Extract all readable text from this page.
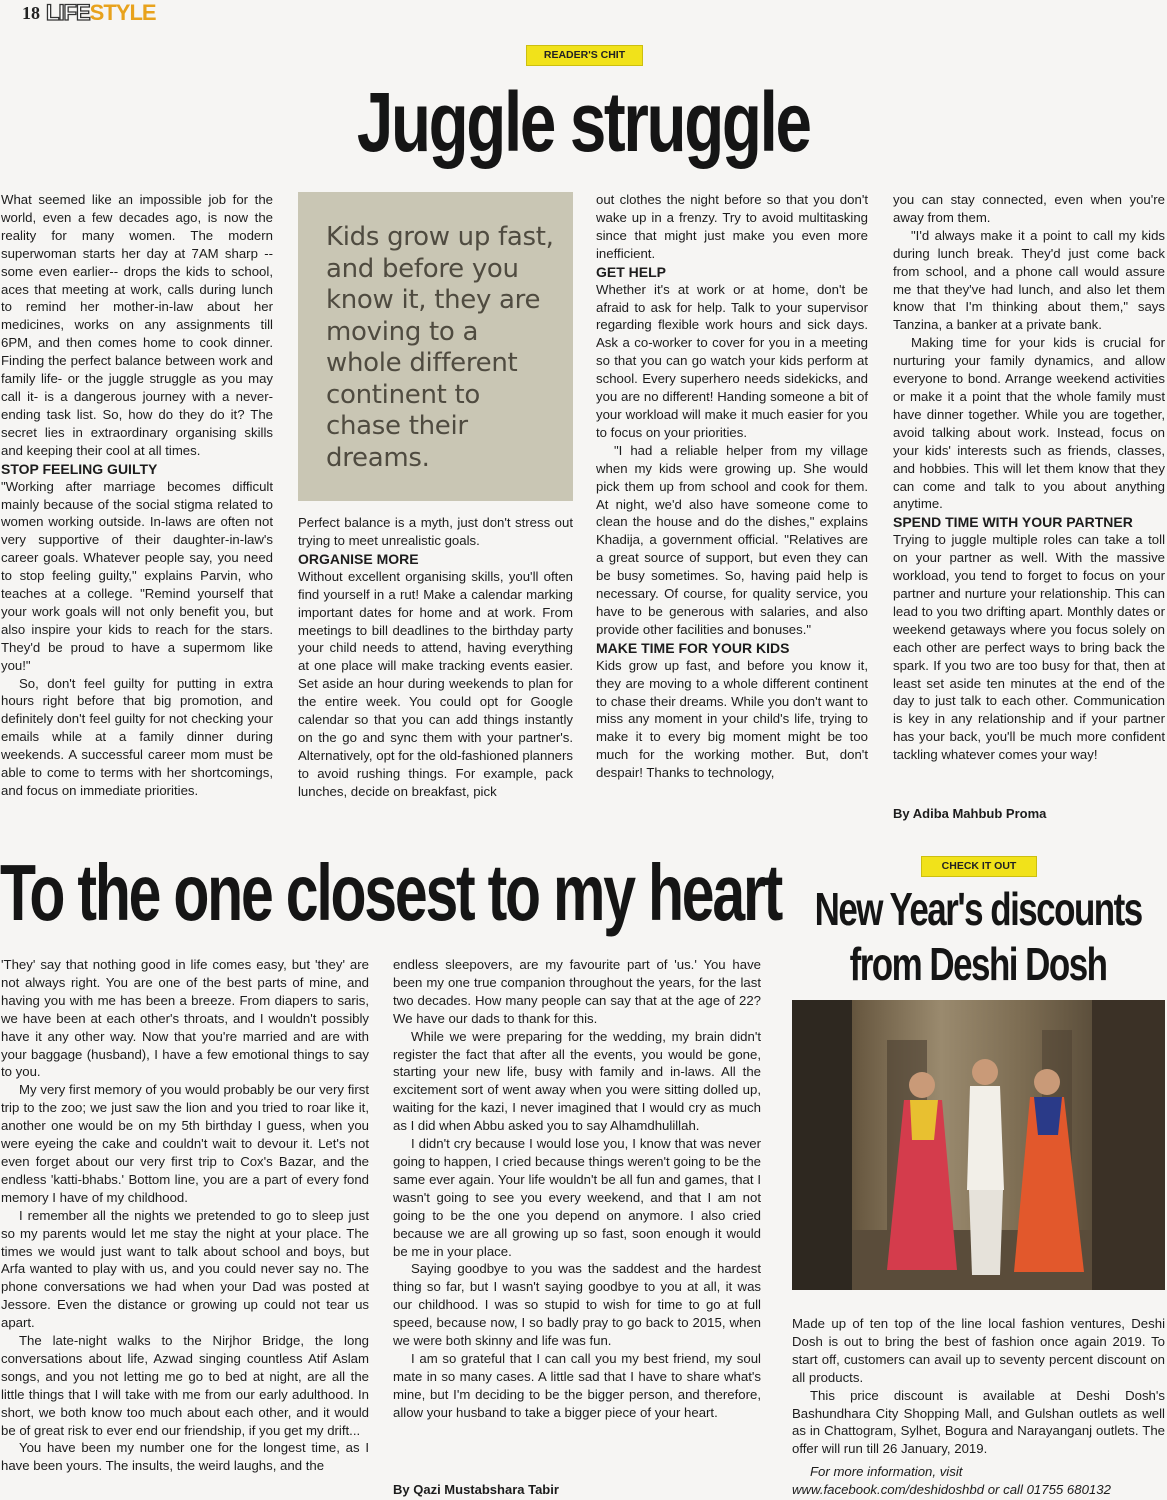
18 LIFESTYLE
READER'S CHIT
Juggle struggle

What seemed like an impossible job for the world, even a few decades ago, is now the reality for many women. The modern superwoman starts her day at 7AM sharp -- some even earlier-- drops the kids to school, aces that meeting at work, calls during lunch to remind her mother-in-law about her medicines, works on any assignments till 6PM, and then comes home to cook dinner. Finding the perfect balance between work and family life- or the juggle struggle as you may call it- is a dangerous journey with a never-ending task list. So, how do they do it? The secret lies in extraordinary organising skills and keeping their cool at all times.

STOP FEELING GUILTY

"Working after marriage becomes difficult mainly because of the social stigma related to women working outside. In-laws are often not very supportive of their daughter-in-law's career goals. Whatever people say, you need to stop feeling guilty," explains Parvin, who teaches at a college. "Remind yourself that your work goals will not only benefit you, but also inspire your kids to reach for the stars. They'd be proud to have a supermom like you!"

So, don't feel guilty for putting in extra hours right before that big promotion, and definitely don't feel guilty for not checking your emails while at a family dinner during weekends. A successful career mom must be able to come to terms with her shortcomings, and focus on immediate priorities.

Kids grow up fast, and before you know it, they are moving to a whole different continent to chase their dreams.

Perfect balance is a myth, just don't stress out trying to meet unrealistic goals.

ORGANISE MORE

Without excellent organising skills, you'll often find yourself in a rut! Make a calendar marking important dates for home and at work. From meetings to bill deadlines to the birthday party your child needs to attend, having everything at one place will make tracking events easier. Set aside an hour during weekends to plan for the entire week. You could opt for Google calendar so that you can add things instantly on the go and sync them with your partner's. Alternatively, opt for the old-fashioned planners to avoid rushing things. For example, pack lunches, decide on breakfast, pick

out clothes the night before so that you don't wake up in a frenzy. Try to avoid multitasking since that might just make you even more inefficient.

GET HELP

Whether it's at work or at home, don't be afraid to ask for help. Talk to your supervisor regarding flexible work hours and sick days. Ask a co-worker to cover for you in a meeting so that you can go watch your kids perform at school. Every superhero needs sidekicks, and you are no different! Handing someone a bit of your workload will make it much easier for you to focus on your priorities.

"I had a reliable helper from my village when my kids were growing up. She would pick them up from school and cook for them. At night, we'd also have someone come to clean the house and do the dishes," explains Khadija, a government official. "Relatives are a great source of support, but even they can be busy sometimes. So, having paid help is necessary. Of course, for quality service, you have to be generous with salaries, and also provide other facilities and bonuses."

MAKE TIME FOR YOUR KIDS

Kids grow up fast, and before you know it, they are moving to a whole different continent to chase their dreams. While you don't want to miss any moment in your child's life, trying to make it to every big moment might be too much for the working mother. But, don't despair! Thanks to technology,

you can stay connected, even when you're away from them.

"I'd always make it a point to call my kids during lunch break. They'd just come back from school, and a phone call would assure me that they've had lunch, and also let them know that I'm thinking about them," says Tanzina, a banker at a private bank.

Making time for your kids is crucial for nurturing your family dynamics, and allow everyone to bond. Arrange weekend activities or make it a point that the whole family must have dinner together. While you are together, avoid talking about work. Instead, focus on your kids' interests such as friends, classes, and hobbies. This will let them know that they can come and talk to you about anything anytime.

SPEND TIME WITH YOUR PARTNER

Trying to juggle multiple roles can take a toll on your partner as well. With the massive workload, you tend to forget to focus on your partner and nurture your relationship. This can lead to you two drifting apart. Monthly dates or weekend getaways where you focus solely on each other are perfect ways to bring back the spark. If you two are too busy for that, then at least set aside ten minutes at the end of the day to just talk to each other. Communication is key in any relationship and if your partner has your back, you'll be much more confident tackling whatever comes your way!

By Adiba Mahbub Proma
To the one closest to my heart

'They' say that nothing good in life comes easy, but 'they' are not always right. You are one of the best parts of mine, and having you with me has been a breeze. From diapers to saris, we have been at each other's throats, and I wouldn't possibly have it any other way. Now that you're married and are with your baggage (husband), I have a few emotional things to say to you.

My very first memory of you would probably be our very first trip to the zoo; we just saw the lion and you tried to roar like it, another one would be on my 5th birthday I guess, when you were eyeing the cake and couldn't wait to devour it. Let's not even forget about our very first trip to Cox's Bazar, and the endless 'katti-bhabs.' Bottom line, you are a part of every fond memory I have of my childhood.

I remember all the nights we pretended to go to sleep just so my parents would let me stay the night at your place. The times we would just want to talk about school and boys, but Arfa wanted to play with us, and you could never say no. The phone conversations we had when your Dad was posted at Jessore. Even the distance or growing up could not tear us apart.

The late-night walks to the Nirjhor Bridge, the long conversations about life, Azwad singing countless Atif Aslam songs, and you not letting me go to bed at night, are all the little things that I will take with me from our early adulthood. In short, we both know too much about each other, and it would be of great risk to ever end our friendship, if you get my drift...

You have been my number one for the longest time, as I have been yours. The insults, the weird laughs, and the

endless sleepovers, are my favourite part of 'us.' You have been my one true companion throughout the years, for the last two decades. How many people can say that at the age of 22? We have our dads to thank for this.

While we were preparing for the wedding, my brain didn't register the fact that after all the events, you would be gone, starting your new life, busy with family and in-laws. All the excitement sort of went away when you were sitting dolled up, waiting for the kazi, I never imagined that I would cry as much as I did when Abbu asked you to say Alhamdhulillah.

I didn't cry because I would lose you, I know that was never going to happen, I cried because things weren't going to be the same ever again. Your life wouldn't be all fun and games, that I wasn't going to see you every weekend, and that I am not going to be the one you depend on anymore. I also cried because we are all growing up so fast, soon enough it would be me in your place.

Saying goodbye to you was the saddest and the hardest thing so far, but I wasn't saying goodbye to you at all, it was our childhood. I was so stupid to wish for time to go at full speed, because now, I so badly pray to go back to 2015, when we were both skinny and life was fun.

I am so grateful that I can call you my best friend, my soul mate in so many cases. A little sad that I have to share what's mine, but I'm deciding to be the bigger person, and therefore, allow your husband to take a bigger piece of your heart.

By Qazi Mustabshara Tabir
CHECK IT OUT
New Year's discounts
from Deshi Dosh

Made up of ten top of the line local fashion ventures, Deshi Dosh is out to bring the best of fashion once again 2019. To start off, customers can avail up to seventy percent discount on all products.

This price discount is available at Deshi Dosh's Bashundhara City Shopping Mall, and Gulshan outlets as well as in Chattogram, Sylhet, Bogura and Narayanganj outlets. The offer will run till 26 January, 2019.

For more information, visit
www.facebook.com/deshidoshbd or call 01755 680132
